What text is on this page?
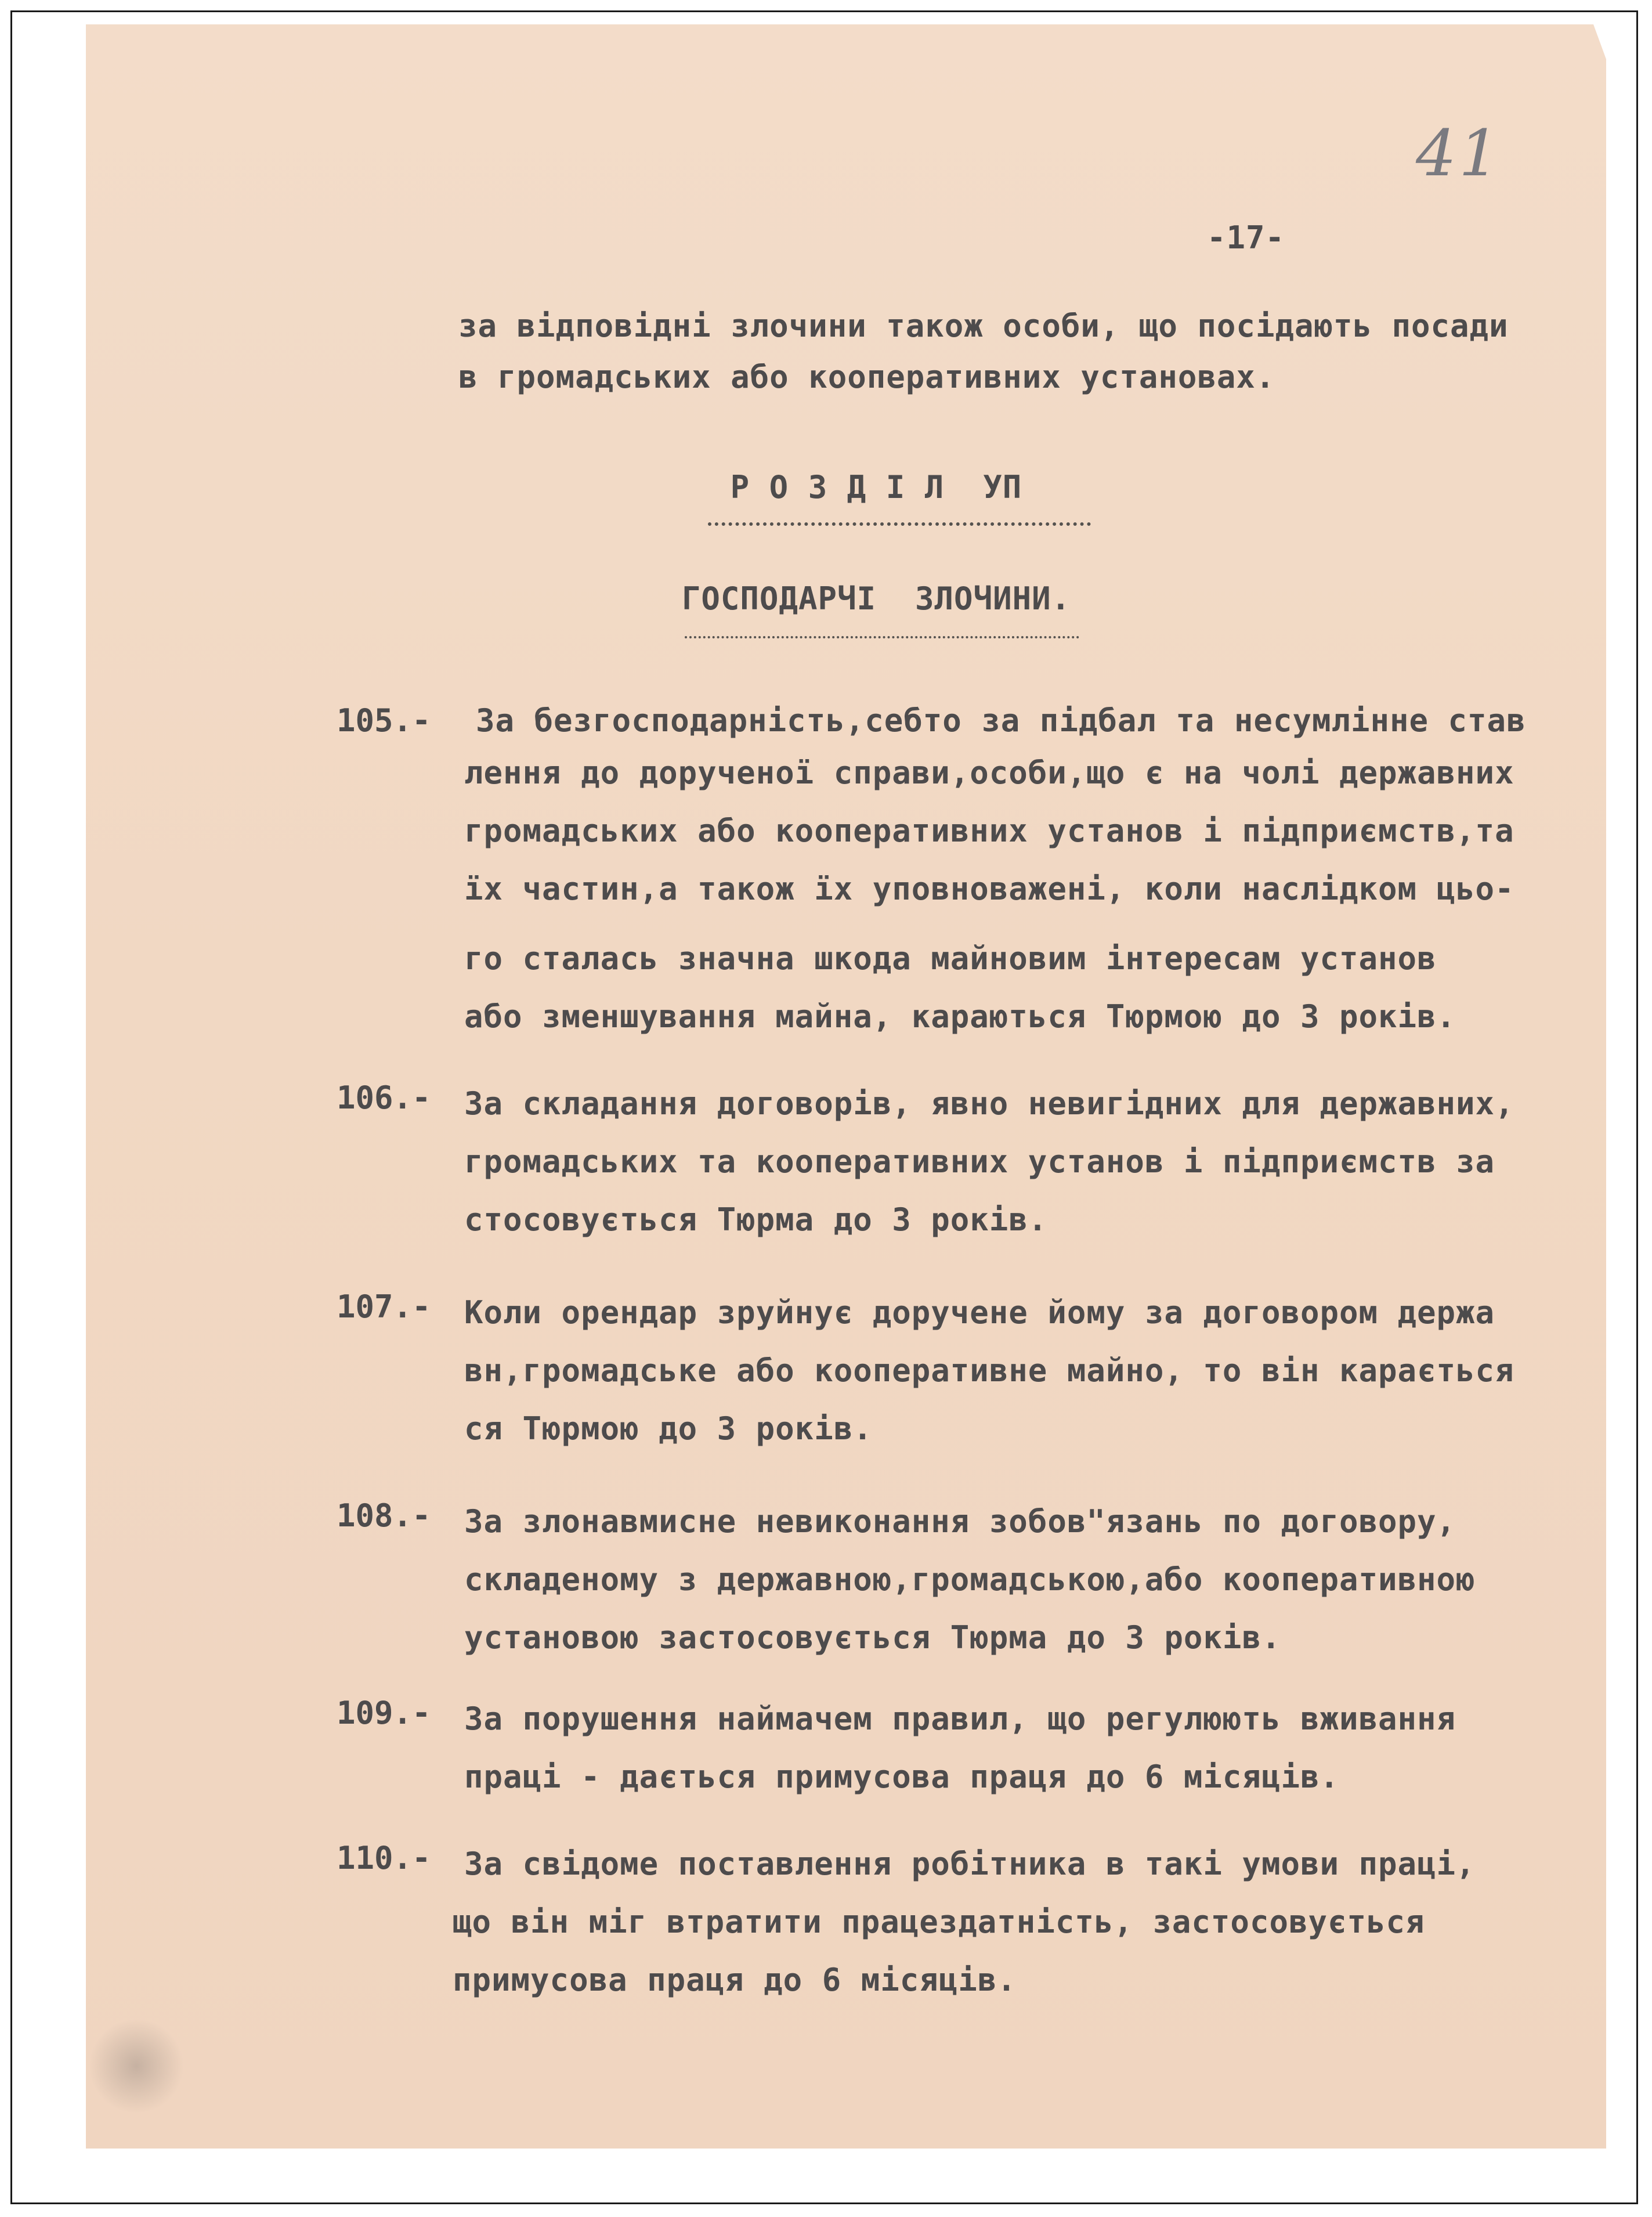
41
-17-
за відповідні злочини також особи, що посідають посади
в громадських або кооперативних установах.
Р О З Д І Л  УП
ГОСПОДАРЧІ  ЗЛОЧИНИ.
105.- За безгосподарність,себто за підбал та несумлінне став
лення до дорученої справи,особи,що є на чолі державних
громадських або кооперативних установ і підприємств,та
їх частин,а також їх уповноважені, коли наслідком цьо-
го сталась значна шкода майновим інтересам установ
або зменшування майна, караються Тюрмою до 3 років.
106.- За складання договорів, явно невигідних для державних,
громадських та кооперативних установ і підприємств за
стосовується Тюрма до 3 років.
107.- Коли орендар зруйнує доручене йому за договором держа
вн,громадське або кооперативне майно, то він карається
ся Тюрмою до 3 років.
108.- За злонавмисне невиконання зобов"язань по договору,
складеному з державною,громадською,або кооперативною
установою застосовується Тюрма до 3 років.
109.- За порушення наймачем правил, що регулюють вживання
праці - дається примусова праця до 6 місяців.
110.- За свідоме поставлення робітника в такі умови праці,
що він міг втратити працездатність, застосовується
примусова праця до 6 місяців.
